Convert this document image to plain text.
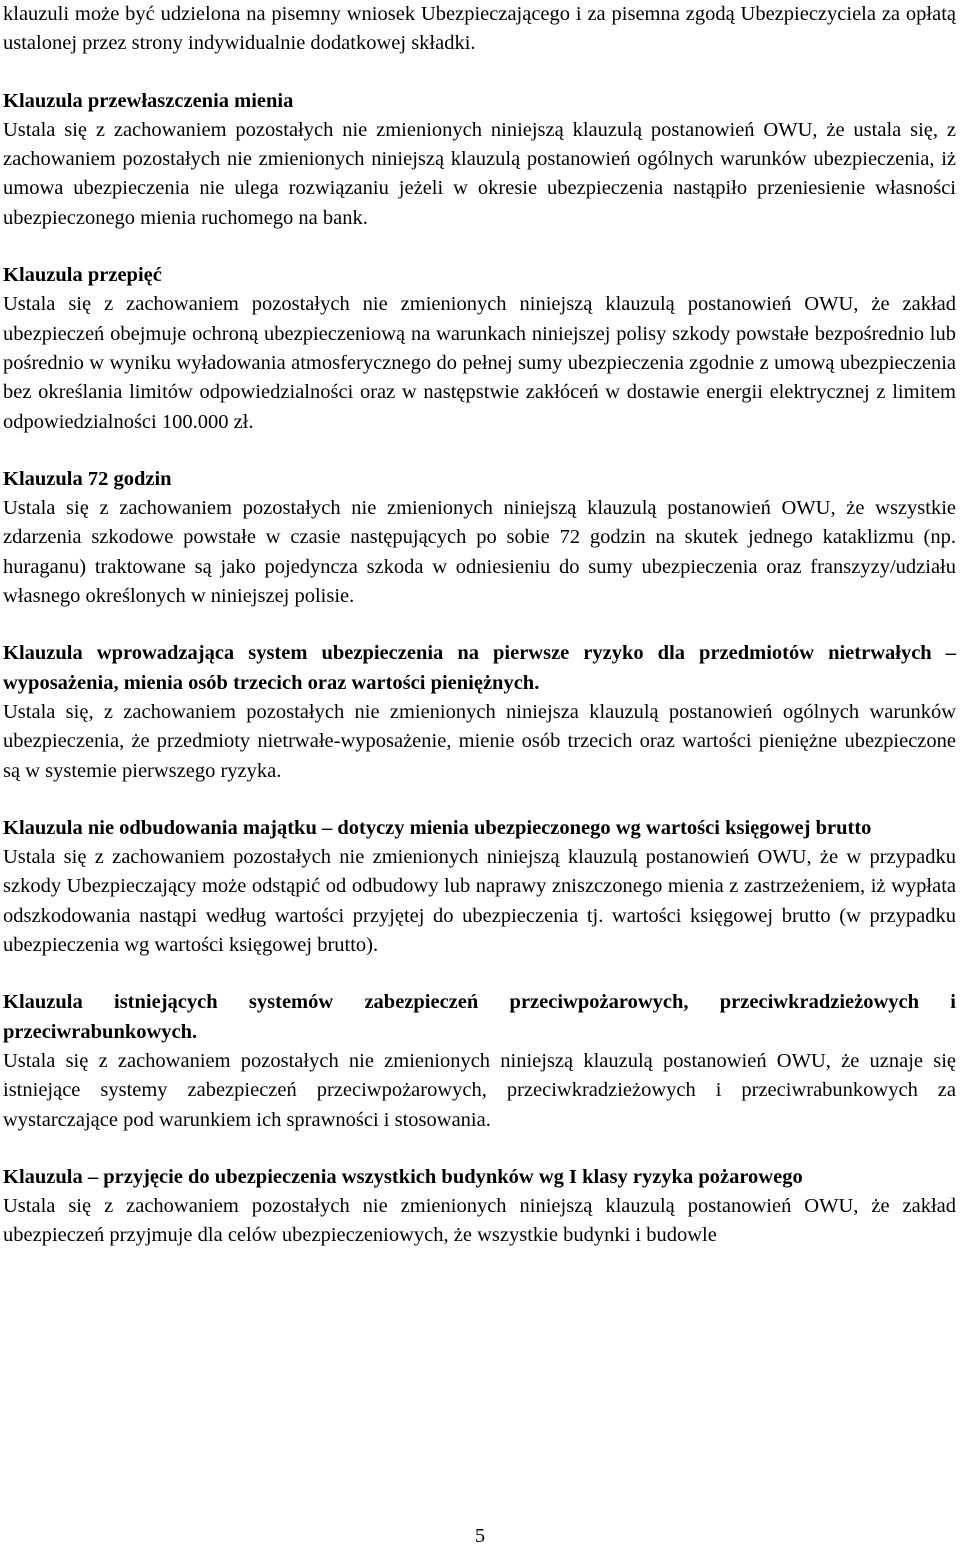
klauzuli może być udzielona na pisemny wniosek Ubezpieczającego i za pisemna zgodą Ubezpieczyciela za opłatą ustalonej przez strony indywidualnie dodatkowej składki.

Klauzula przewłaszczenia mienia

Ustala się z zachowaniem pozostałych nie zmienionych niniejszą klauzulą postanowień OWU, że ustala się, z zachowaniem pozostałych nie zmienionych niniejszą klauzulą postanowień ogólnych warunków ubezpieczenia, iż umowa ubezpieczenia nie ulega rozwiązaniu jeżeli w okresie ubezpieczenia nastąpiło przeniesienie własności ubezpieczonego mienia ruchomego na bank.

Klauzula przepięć

Ustala się z zachowaniem pozostałych nie zmienionych niniejszą klauzulą postanowień OWU, że zakład ubezpieczeń obejmuje ochroną ubezpieczeniową na warunkach niniejszej polisy szkody powstałe bezpośrednio lub pośrednio w wyniku wyładowania atmosferycznego do pełnej sumy ubezpieczenia zgodnie z umową ubezpieczenia bez określania limitów odpowiedzialności oraz w następstwie zakłóceń w dostawie energii elektrycznej z limitem odpowiedzialności 100.000 zł.

Klauzula 72 godzin

Ustala się z zachowaniem pozostałych nie zmienionych niniejszą klauzulą postanowień OWU, że wszystkie zdarzenia szkodowe powstałe w czasie następujących po sobie 72 godzin na skutek jednego kataklizmu (np. huraganu) traktowane są jako pojedyncza szkoda w odniesieniu do sumy ubezpieczenia oraz franszyzy/udziału własnego określonych w niniejszej polisie.

Klauzula wprowadzająca system ubezpieczenia na pierwsze ryzyko dla przedmiotów nietrwałych – wyposażenia, mienia osób trzecich oraz wartości pieniężnych.

Ustala się, z zachowaniem pozostałych nie zmienionych niniejsza klauzulą postanowień ogólnych warunków ubezpieczenia, że przedmioty nietrwałe-wyposażenie, mienie osób trzecich oraz wartości pieniężne ubezpieczone są w systemie pierwszego ryzyka.

Klauzula nie odbudowania majątku – dotyczy mienia ubezpieczonego wg wartości księgowej brutto

Ustala się z zachowaniem pozostałych nie zmienionych niniejszą klauzulą postanowień OWU, że w przypadku szkody Ubezpieczający może odstąpić od odbudowy lub naprawy zniszczonego mienia z zastrzeżeniem, iż wypłata odszkodowania nastąpi według wartości przyjętej do ubezpieczenia tj. wartości księgowej brutto (w przypadku ubezpieczenia wg wartości księgowej brutto).

Klauzula istniejących systemów zabezpieczeń przeciwpożarowych, przeciwkradzieżowych i przeciwrabunkowych.

Ustala się z zachowaniem pozostałych nie zmienionych niniejszą klauzulą postanowień OWU, że uznaje się istniejące systemy zabezpieczeń przeciwpożarowych, przeciwkradzieżowych i przeciwrabunkowych za wystarczające pod warunkiem ich sprawności i stosowania.

Klauzula – przyjęcie do ubezpieczenia wszystkich budynków wg I klasy ryzyka pożarowego

Ustala się z zachowaniem pozostałych nie zmienionych niniejszą klauzulą postanowień OWU, że zakład ubezpieczeń przyjmuje dla celów ubezpieczeniowych, że wszystkie budynki i budowle

5
